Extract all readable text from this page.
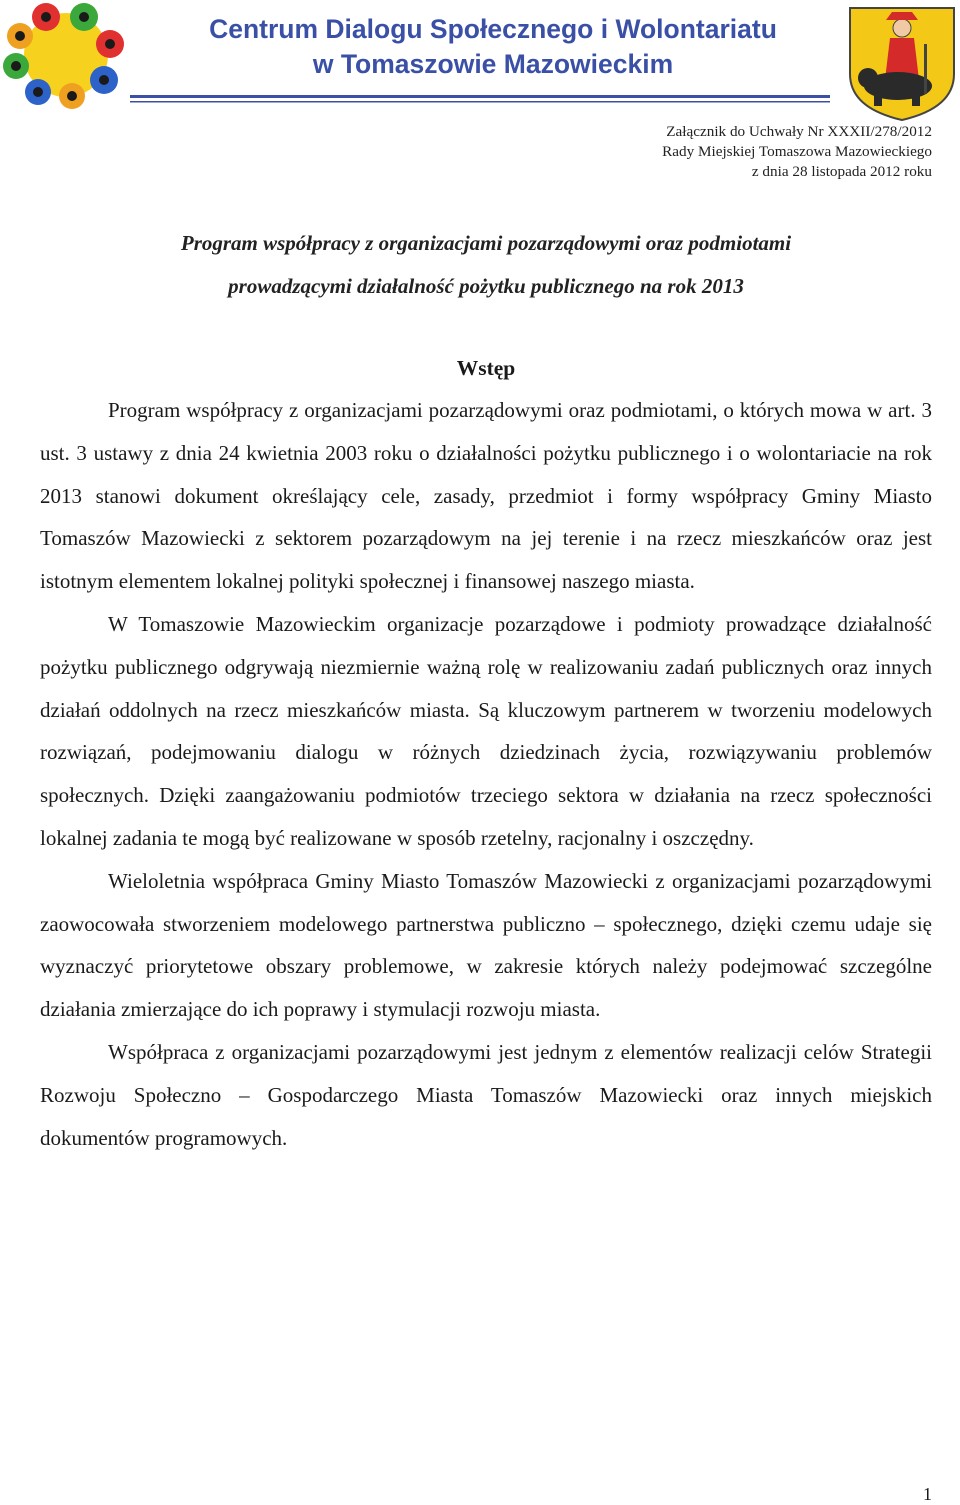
Centrum Dialogu Społecznego i Wolontariatu
w Tomaszowie Mazowieckim
Załącznik do Uchwały Nr XXXII/278/2012
Rady Miejskiej Tomaszowa Mazowieckiego
z dnia 28 listopada 2012 roku
Program współpracy z organizacjami pozarządowymi oraz podmiotami
prowadzącymi działalność pożytku publicznego na rok 2013
Wstęp

Program współpracy z organizacjami pozarządowymi oraz podmiotami, o których mowa w art. 3 ust. 3 ustawy z dnia 24 kwietnia 2003 roku o działalności pożytku publicznego i o wolontariacie na rok 2013 stanowi dokument określający cele, zasady, przedmiot i formy współpracy Gminy Miasto Tomaszów Mazowiecki z sektorem pozarządowym na jej terenie i na rzecz mieszkańców oraz jest istotnym elementem lokalnej polityki społecznej i finansowej naszego miasta.

W Tomaszowie Mazowieckim organizacje pozarządowe i podmioty prowadzące działalność pożytku publicznego odgrywają niezmiernie ważną rolę w realizowaniu zadań publicznych oraz innych działań oddolnych na rzecz mieszkańców miasta. Są kluczowym partnerem w tworzeniu modelowych rozwiązań, podejmowaniu dialogu w różnych dziedzinach życia, rozwiązywaniu problemów społecznych. Dzięki zaangażowaniu podmiotów trzeciego sektora w działania na rzecz społeczności lokalnej zadania te mogą być realizowane w sposób rzetelny, racjonalny i oszczędny.

Wieloletnia współpraca Gminy Miasto Tomaszów Mazowiecki z organizacjami pozarządowymi zaowocowała stworzeniem modelowego partnerstwa publiczno – społecznego, dzięki czemu udaje się wyznaczyć priorytetowe obszary problemowe, w zakresie których należy podejmować szczególne działania zmierzające do ich poprawy i stymulacji rozwoju miasta.

Współpraca z organizacjami pozarządowymi jest jednym z elementów realizacji celów Strategii Rozwoju Społeczno – Gospodarczego Miasta Tomaszów Mazowiecki oraz innych miejskich dokumentów programowych.

1
